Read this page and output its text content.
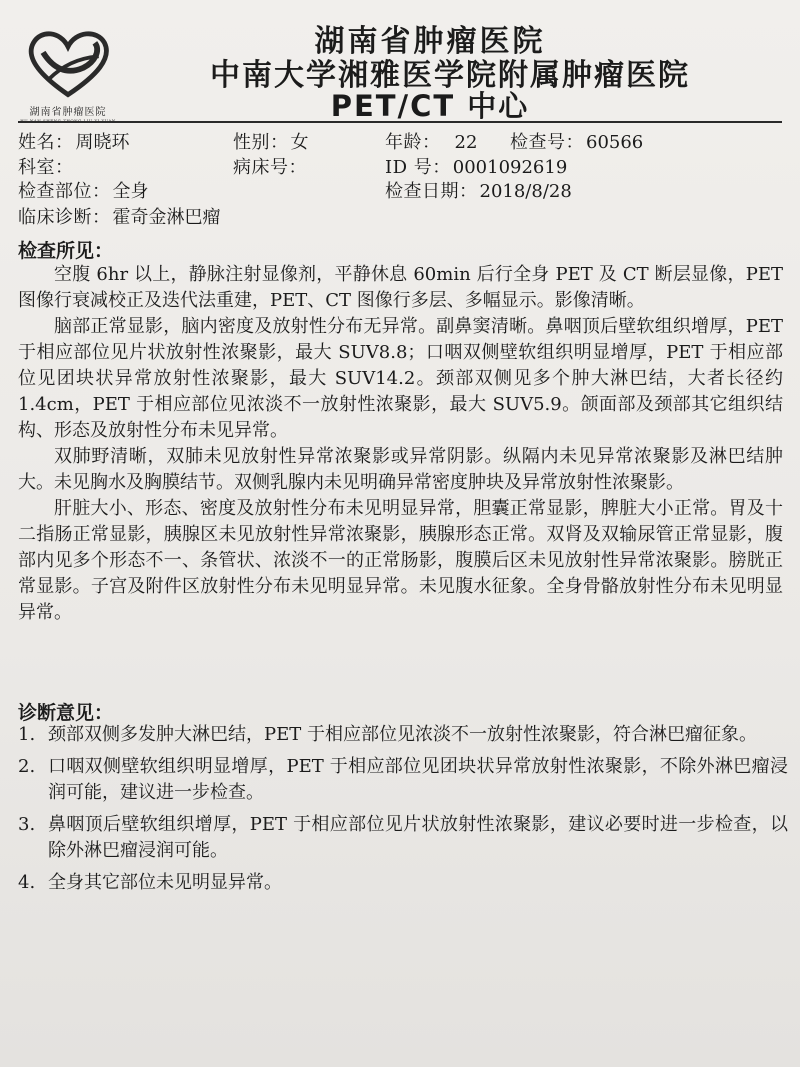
湖南省肿瘤医院
HU NAN SHENG ZHONG LIU YI YUAN
湖南省肿瘤医院
中南大学湘雅医学院附属肿瘤医院
PET/CT 中心
姓名： 周晓环	性别： 女	年龄： 22 检查号： 60566
科室：	病床号：	ID 号： 0001092619
检查部位： 全身	检查日期： 2018/8/28
临床诊断： 霍奇金淋巴瘤
检查所见：

空腹 6hr 以上，静脉注射显像剂，平静休息 60min 后行全身 PET 及 CT 断层显像，PET 图像行衰减校正及迭代法重建，PET、CT 图像行多层、多幅显示。影像清晰。

脑部正常显影，脑内密度及放射性分布无异常。副鼻窦清晰。鼻咽顶后壁软组织增厚，PET 于相应部位见片状放射性浓聚影，最大 SUV8.8；口咽双侧壁软组织明显增厚，PET 于相应部位见团块状异常放射性浓聚影，最大 SUV14.2。颈部双侧见多个肿大淋巴结，大者长径约 1.4cm，PET 于相应部位见浓淡不一放射性浓聚影，最大 SUV5.9。颌面部及颈部其它组织结构、形态及放射性分布未见异常。

双肺野清晰，双肺未见放射性异常浓聚影或异常阴影。纵隔内未见异常浓聚影及淋巴结肿大。未见胸水及胸膜结节。双侧乳腺内未见明确异常密度肿块及异常放射性浓聚影。

肝脏大小、形态、密度及放射性分布未见明显异常，胆囊正常显影，脾脏大小正常。胃及十二指肠正常显影，胰腺区未见放射性异常浓聚影，胰腺形态正常。双肾及双输尿管正常显影，腹部内见多个形态不一、条管状、浓淡不一的正常肠影，腹膜后区未见放射性异常浓聚影。膀胱正常显影。子宫及附件区放射性分布未见明显异常。未见腹水征象。全身骨骼放射性分布未见明显异常。

诊断意见：
1. 颈部双侧多发肿大淋巴结，PET 于相应部位见浓淡不一放射性浓聚影，符合淋巴瘤征象。
2. 口咽双侧壁软组织明显增厚，PET 于相应部位见团块状异常放射性浓聚影，不除外淋巴瘤浸润可能，建议进一步检查。
3. 鼻咽顶后壁软组织增厚，PET 于相应部位见片状放射性浓聚影，建议必要时进一步检查，以除外淋巴瘤浸润可能。
4. 全身其它部位未见明显异常。
